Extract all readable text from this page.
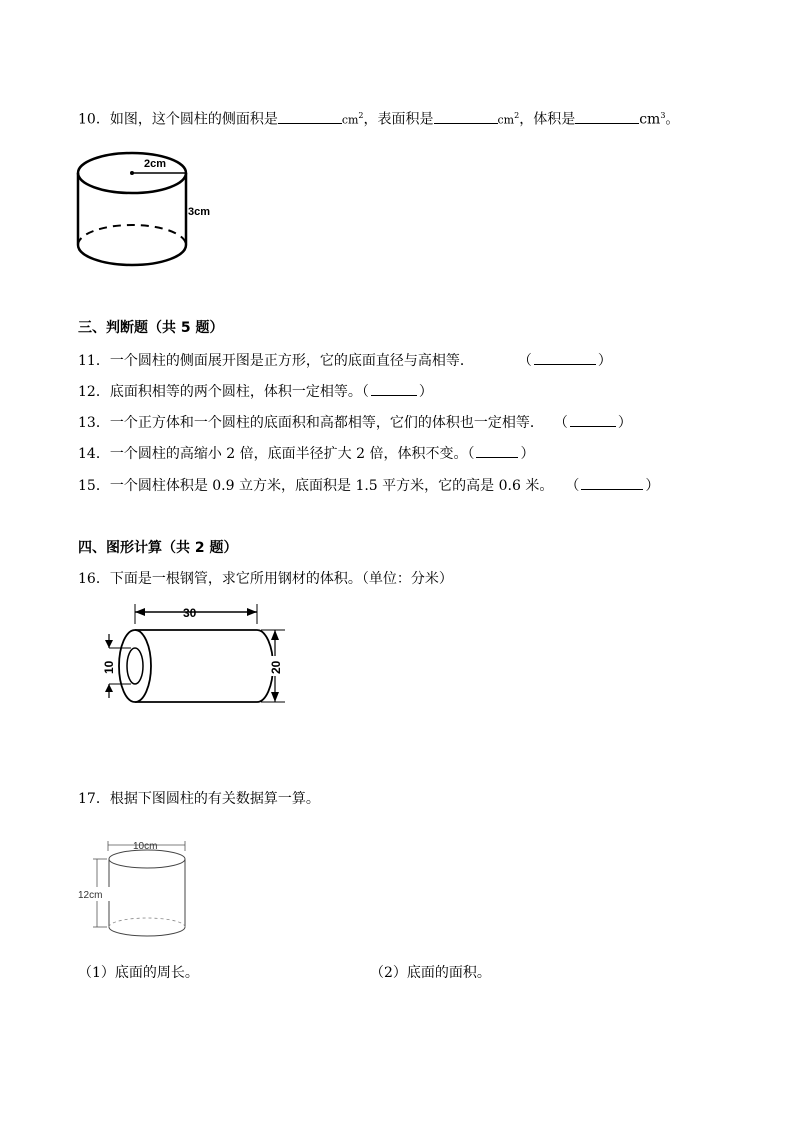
10．如图，这个圆柱的侧面积是	$cm^2$，表面积是	$cm^2$，体积是	$cm^3$。
2cm
3cm
三、判断题（共 5 题）
11．一个圆柱的侧面展开图是正方形，它的底面直径与高相等．	（	）
12．底面积相等的两个圆柱，体积一定相等。（	）
13．一个正方体和一个圆柱的底面积和高都相等，它们的体积也一定相等． （	）
14．一个圆柱的高缩小 2 倍，底面半径扩大 2 倍，体积不变。（	）
15．一个圆柱体积是 0.9 立方米，底面积是 1.5 平方米，它的高是 0.6 米。 （	）
四、图形计算（共 2 题）
16．下面是一根钢管，求它所用钢材的体积。（单位：分米）
30
10	20
17．根据下图圆柱的有关数据算一算。
10cm
12cm
（1）底面的周长。	（2）底面的面积。
